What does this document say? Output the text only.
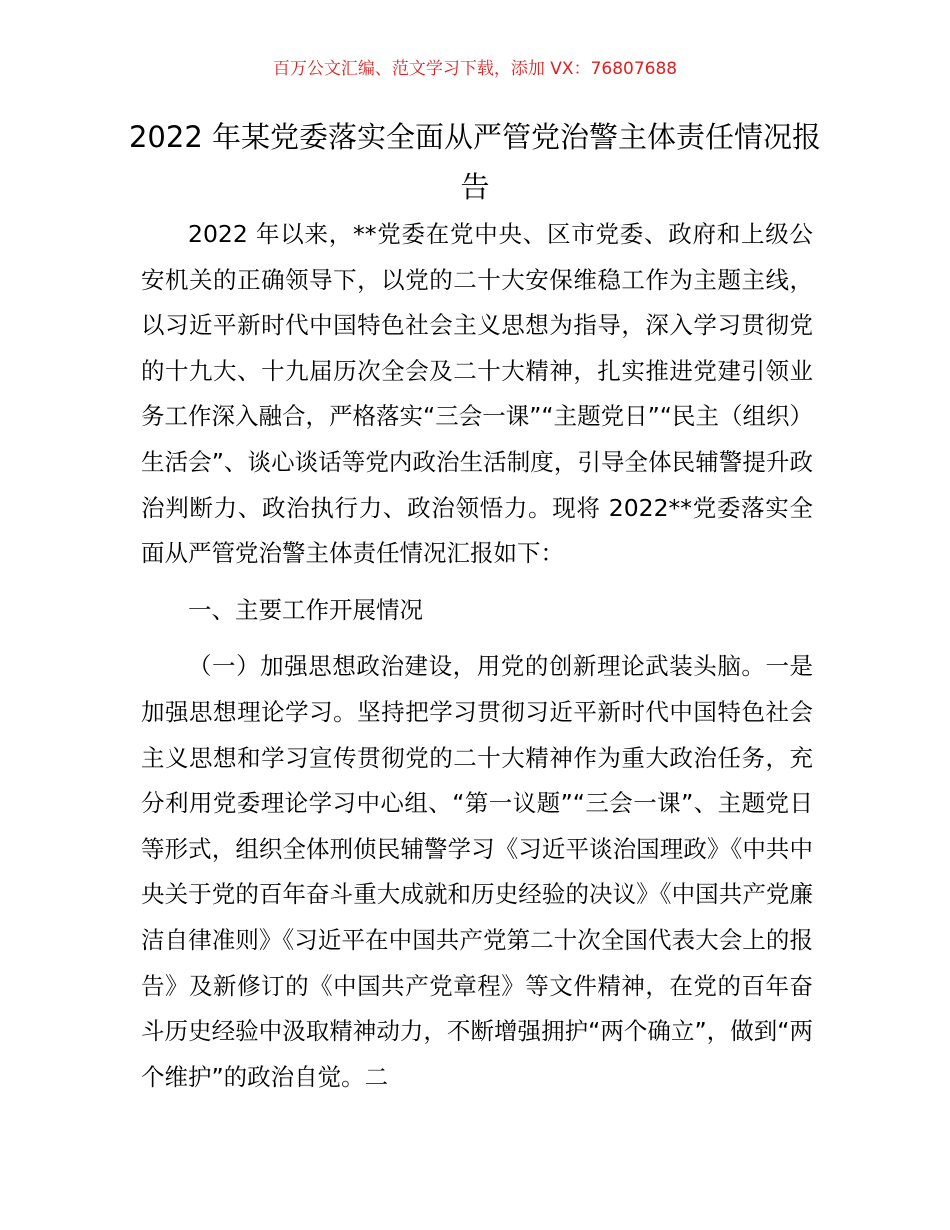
百万公文汇编、范文学习下载，添加 VX：76807688
2022 年某党委落实全面从严管党治警主体责任情况报告

2022 年以来，**党委在党中央、区市党委、政府和上级公安机关的正确领导下，以党的二十大安保维稳工作为主题主线，以习近平新时代中国特色社会主义思想为指导，深入学习贯彻党的十九大、十九届历次全会及二十大精神，扎实推进党建引领业务工作深入融合，严格落实“三会一课”“主题党日”“民主（组织）生活会”、谈心谈话等党内政治生活制度，引导全体民辅警提升政治判断力、政治执行力、政治领悟力。现将 2022**党委落实全面从严管党治警主体责任情况汇报如下：

一、主要工作开展情况

（一）加强思想政治建设，用党的创新理论武装头脑。一是加强思想理论学习。坚持把学习贯彻习近平新时代中国特色社会主义思想和学习宣传贯彻党的二十大精神作为重大政治任务，充分利用党委理论学习中心组、“第一议题”“三会一课”、主题党日等形式，组织全体刑侦民辅警学习《习近平谈治国理政》《中共中央关于党的百年奋斗重大成就和历史经验的决议》《中国共产党廉洁自律准则》《习近平在中国共产党第二十次全国代表大会上的报告》及新修订的《中国共产党章程》等文件精神，在党的百年奋斗历史经验中汲取精神动力，不断增强拥护“两个确立”，做到“两个维护”的政治自觉。二
